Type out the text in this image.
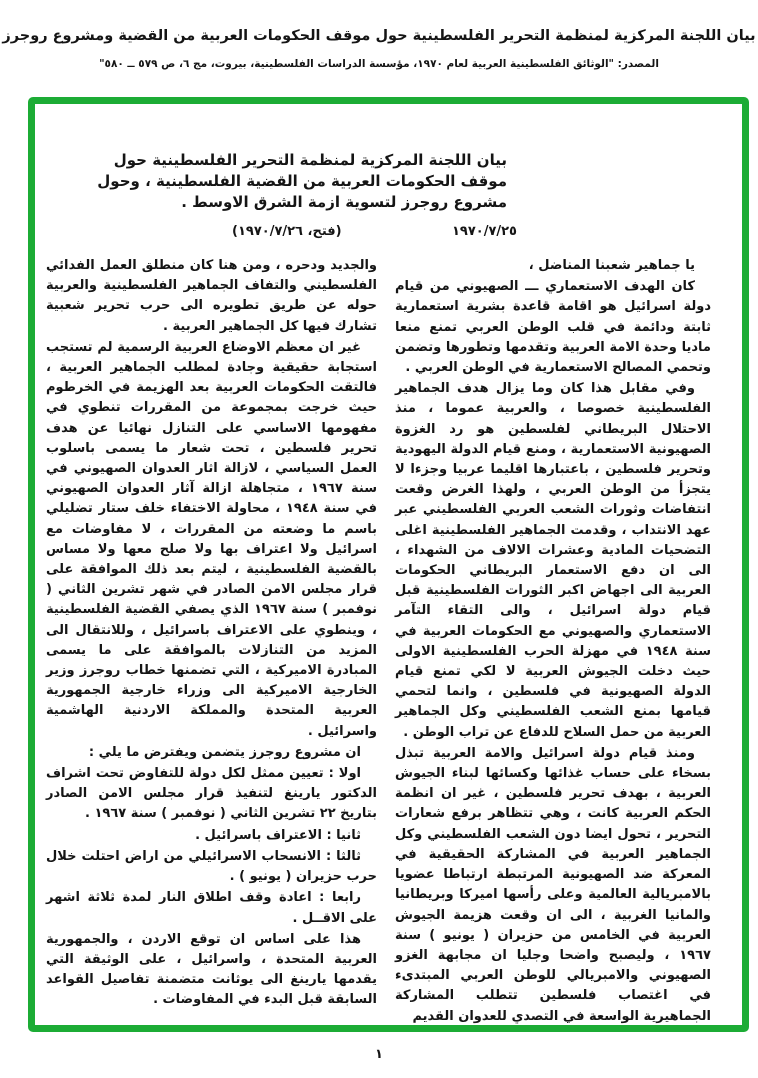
بيان اللجنة المركزية لمنظمة التحرير الفلسطينية حول موقف الحكومات العربية من القضية ومشروع روجرز
المصدر: "الوثائق الفلسطينية العربية لعام ١٩٧٠، مؤسسة الدراسات الفلسطينية، بيروت، مج ٦، ص ٥٧٩ ــ ٥٨٠"
بيان اللجنة المركزية لمنظمة التحرير الفلسطينية حول
موقف الحكومات العربية من القضية الفلسطينية ، وحول
مشروع روجرز لتسوية ازمة الشرق الاوسط .
١٩٧٠/٧/٢٥
(فتح، ١٩٧٠/٧/٢٦)

يا جماهير شعبنا المناضل ،

كان الهدف الاستعماري ـــ الصهيوني من قيام دولة اسرائيل هو اقامة قاعدة بشرية استعمارية ثابتة ودائمة في قلب الوطن العربي تمنع منعا ماديا وحدة الامة العربية وتقدمها وتطورها وتضمن وتحمي المصالح الاستعمارية في الوطن العربي .

وفي مقابل هذا كان وما يزال هدف الجماهير الفلسطينية خصوصا ، والعربية عموما ، منذ الاحتلال البريطاني لفلسطين هو رد الغزوة الصهيونية الاستعمارية ، ومنع قيام الدولة اليهودية وتحرير فلسطين ، باعتبارها اقليما عربيا وجزءا لا يتجزأ من الوطن العربي ، ولهذا الغرض وقعت انتفاضات وثورات الشعب العربي الفلسطيني عبر عهد الانتداب ، وقدمت الجماهير الفلسطينية اغلى التضحيات المادية وعشرات الالاف من الشهداء ، الى ان دفع الاستعمار البريطاني الحكومات العربية الى اجهاض اكبر الثورات الفلسطينية قبل قيام دولة اسرائيل ، والى التقاء التآمر الاستعماري والصهيوني مع الحكومات العربية في سنة ١٩٤٨ في مهزلة الحرب الفلسطينية الاولى حيث دخلت الجيوش العربية لا لكي تمنع قيام الدولة الصهيونية في فلسطين ، وانما لتحمي قيامها بمنع الشعب الفلسطيني وكل الجماهير العربية من حمل السلاح للدفاع عن تراب الوطن .

ومنذ قيام دولة اسرائيل والامة العربية تبذل بسخاء على حساب غذائها وكسائها لبناء الجيوش العربية ، بهدف تحرير فلسطين ، غير ان انظمة الحكم العربية كانت ، وهي تتظاهر برفع شعارات التحرير ، تحول ايضا دون الشعب الفلسطيني وكل الجماهير العربية في المشاركة الحقيقية في المعركة ضد الصهيونية المرتبطة ارتباطا عضويا بالامبريالية العالمية وعلى رأسها اميركا وبريطانيا والمانيا الغربية ، الى ان وقعت هزيمة الجيوش العربية في الخامس من حزيران ( يونيو ) سنة ١٩٦٧ ، وليصبح واضحا وجليا ان مجابهة الغزو الصهيوني والامبريالي للوطن العربي المبتدىء في اغتصاب فلسطين تتطلب المشاركة الجماهيرية الواسعة في التصدي للعدوان القديم

والجديد ودحره ، ومن هنا كان منطلق العمل الفدائي الفلسطيني والتفاف الجماهير الفلسطينية والعربية حوله عن طريق تطويره الى حرب تحرير شعبية تشارك فيها كل الجماهير العربية .

غير ان معظم الاوضاع العربية الرسمية لم تستجب استجابة حقيقية وجادة لمطلب الجماهير العربية ، فالتقت الحكومات العربية بعد الهزيمة في الخرطوم حيث خرجت بمجموعة من المقررات تنطوي في مفهومها الاساسي على التنازل نهائيا عن هدف تحرير فلسطين ، تحت شعار ما يسمى باسلوب العمل السياسي ، لازالة اثار العدوان الصهيوني في سنة ١٩٦٧ ، متجاهلة ازالة آثار العدوان الصهيوني في سنة ١٩٤٨ ، محاولة الاختفاء خلف ستار تضليلي باسم ما وضعته من المقررات ، لا مفاوضات مع اسرائيل ولا اعتراف بها ولا صلح معها ولا مساس بالقضية الفلسطينية ، ليتم بعد ذلك الموافقة على قرار مجلس الامن الصادر في شهر تشرين الثاني ( نوفمبر ) سنة ١٩٦٧ الذي يصفي القضية الفلسطينية ، وينطوي على الاعتراف باسرائيل ، وللانتقال الى المزيد من التنازلات بالموافقة على ما يسمى المبادرة الاميركية ، التي تضمنها خطاب روجرز وزير الخارجية الاميركية الى وزراء خارجية الجمهورية العربية المتحدة والمملكة الاردنية الهاشمية واسرائيل .

ان مشروع روجرز يتضمن ويفترض ما يلي :

اولا : تعيين ممثل لكل دولة للتفاوض تحت اشراف الدكتور يارينغ لتنفيذ قرار مجلس الامن الصادر بتاريخ ٢٢ تشرين الثاني ( نوفمبر ) سنة ١٩٦٧ .

ثانيا : الاعتراف باسرائيل .

ثالثا : الانسحاب الاسرائيلي من اراض احتلت خلال حرب حزيران ( يونيو ) .

رابعا : اعادة وقف اطلاق النار لمدة ثلاثة اشهر على الاقــل .

هذا على اساس ان توقع الاردن ، والجمهورية العربية المتحدة ، واسرائيل ، على الوثيقة التي يقدمها يارينغ الى يوثانت متضمنة تفاصيل القواعد السابقة قبل البدء في المفاوضات .

١
